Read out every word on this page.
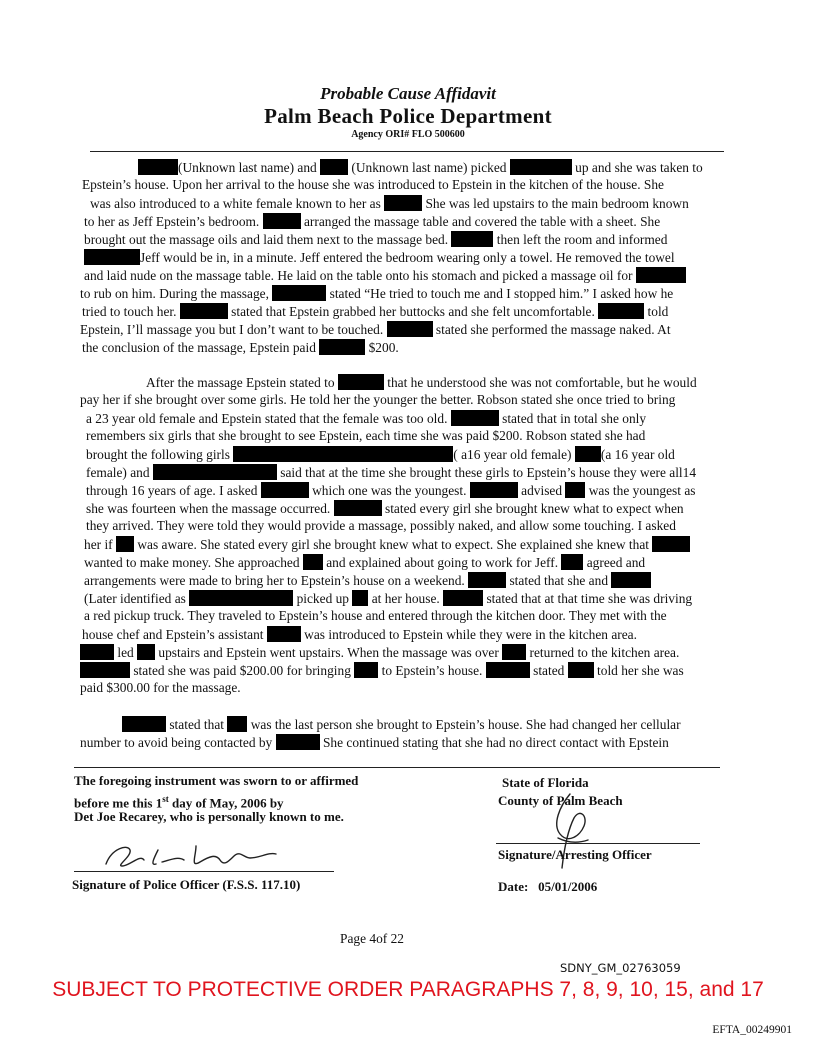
Probable Cause Affidavit
Palm Beach Police Department
Agency ORI# FLO 500600
(Unknown last name) and  (Unknown last name) picked	up and she was taken to
Epstein’s house. Upon her arrival to the house she was introduced to Epstein in the kitchen of the house. She
was also introduced to a white female known to her as	She was led upstairs to the main bedroom known
to her as Jeff Epstein’s bedroom.	arranged the massage table and covered the table with a sheet. She
brought out the massage oils and laid them next to the massage bed.	then left the room and informed
Jeff would be in, in a minute. Jeff entered the bedroom wearing only a towel. He removed the towel
and laid nude on the massage table. He laid on the table onto his stomach and picked a massage oil for
to rub on him. During the massage,	stated “He tried to touch me and I stopped him.” I asked how he
tried to touch her.	stated that Epstein grabbed her buttocks and she felt uncomfortable.	told
Epstein, I’ll massage you but I don’t want to be touched.	stated she performed the massage naked. At
the conclusion of the massage, Epstein paid	$200.
After the massage Epstein stated to	that he understood she was not comfortable, but he would
pay her if she brought over some girls. He told her the younger the better. Robson stated she once tried to bring
a 23 year old female and Epstein stated that the female was too old.	stated that in total she only
remembers six girls that she brought to see Epstein, each time she was paid $200. Robson stated she had
brought the following girls	( a16 year old female) (a 16 year old
female) and	said that at the time she brought these girls to Epstein’s house they were all14
through 16 years of age. I asked	which one was the youngest.	advised  was the youngest as
she was fourteen when the massage occurred.	stated every girl she brought knew what to expect when
they arrived. They were told they would provide a massage, possibly naked, and allow some touching. I asked
her if  was aware. She stated every girl she brought knew what to expect. She explained she knew that
wanted to make money. She approached  and explained about going to work for Jeff.  agreed and
arrangements were made to bring her to Epstein’s house on a weekend.	stated that she and
(Later identified as	picked up  at her house.	stated that at that time she was driving
a red pickup truck. They traveled to Epstein’s house and entered through the kitchen door. They met with the
house chef and Epstein’s assistant	was introduced to Epstein while they were in the kitchen area.
led  upstairs and Epstein went upstairs. When the massage was over  returned to the kitchen area.
stated she was paid $200.00 for bringing  to Epstein’s house.	stated  told her she was
paid $300.00 for the massage.
stated that  was the last person she brought to Epstein’s house. She had changed her cellular
number to avoid being contacted by	She continued stating that she had no direct contact with Epstein
The foregoing instrument was sworn to or affirmed
before me this 1st day of May, 2006 by
Det Joe Recarey, who is personally known to me.
Signature of Police Officer (F.S.S. 117.10)
State of Florida
County of Palm Beach
Signature/Arresting Officer
Date: 05/01/2006
Page 4of 22
SDNY_GM_02763059
SUBJECT TO PROTECTIVE ORDER PARAGRAPHS 7, 8, 9, 10, 15, and 17
EFTA_00249901
